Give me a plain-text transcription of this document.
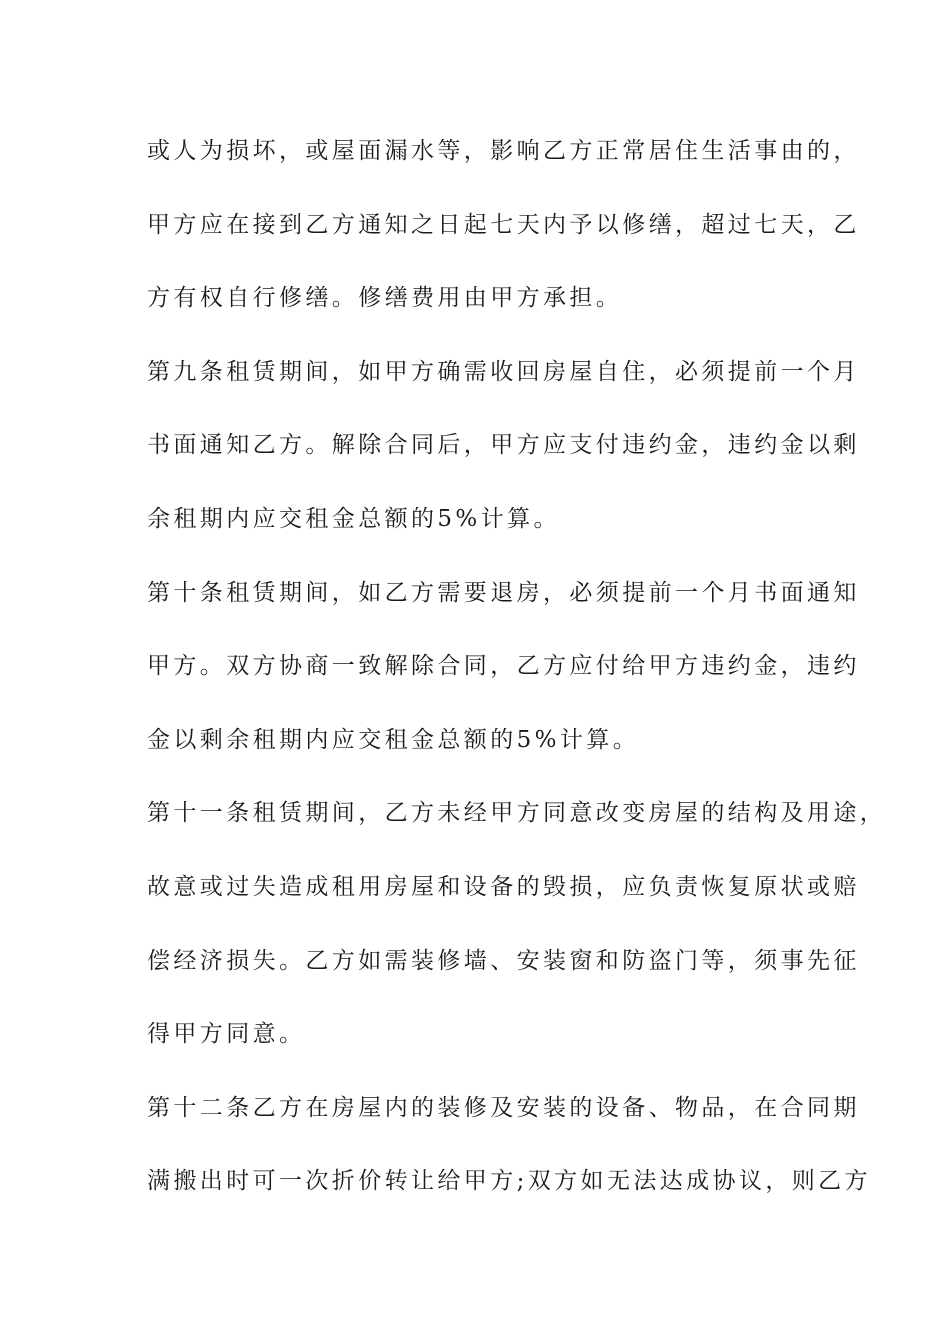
或人为损坏，或屋面漏水等，影响乙方正常居住生活事由的，
甲方应在接到乙方通知之日起七天内予以修缮，超过七天，乙
方有权自行修缮。修缮费用由甲方承担。
第九条租赁期间，如甲方确需收回房屋自住，必须提前一个月
书面通知乙方。解除合同后，甲方应支付违约金，违约金以剩
余租期内应交租金总额的5%计算。
第十条租赁期间，如乙方需要退房，必须提前一个月书面通知
甲方。双方协商一致解除合同，乙方应付给甲方违约金，违约
金以剩余租期内应交租金总额的5%计算。
第十一条租赁期间，乙方未经甲方同意改变房屋的结构及用途，
故意或过失造成租用房屋和设备的毁损，应负责恢复原状或赔
偿经济损失。乙方如需装修墙、安装窗和防盗门等，须事先征
得甲方同意。
第十二条乙方在房屋内的装修及安装的设备、物品，在合同期
满搬出时可一次折价转让给甲方;双方如无法达成协议，则乙方
